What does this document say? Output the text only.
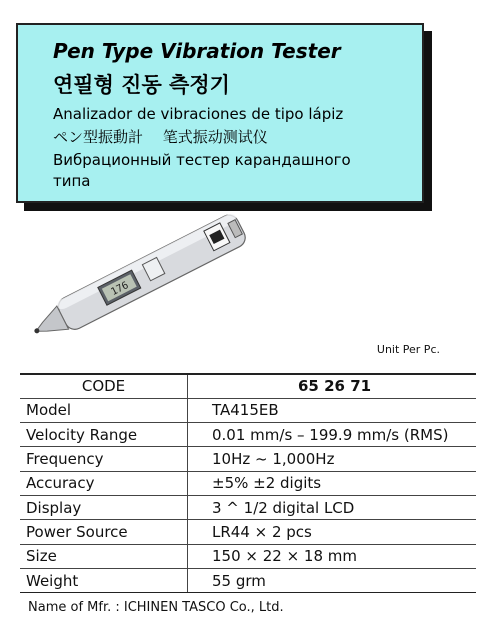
Pen Type Vibration Tester
연필형 진동 측정기
Analizador de vibraciones de tipo lápiz
ペン型振動計　 笔式振动测试仪
Вибрационный тестер карандашного
типа
176
Unit Per Pc.
CODE	65 26 71
Model	TA415EB
Velocity Range	0.01 mm/s – 199.9 mm/s (RMS)
Frequency	10Hz ~ 1,000Hz
Accuracy	±5% ±2 digits
Display	3 ^ 1/2 digital LCD
Power Source	LR44 × 2 pcs
Size	150 × 22 × 18 mm
Weight	55 grm
Name of Mfr. : ICHINEN TASCO Co., Ltd.
